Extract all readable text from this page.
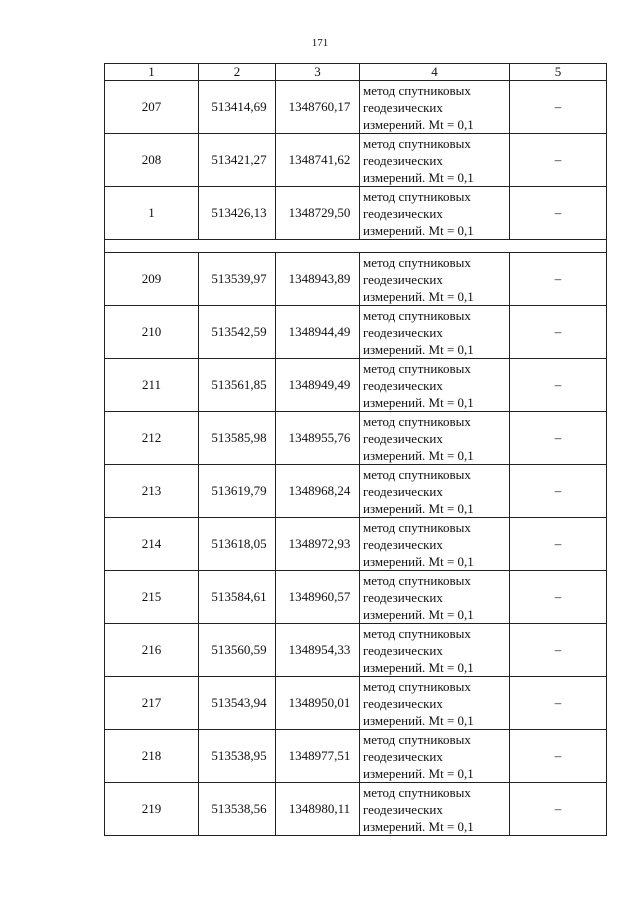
171
1	2	3	4	5
207	513414,69	1348760,17	метод спутниковых
геодезических
измерений. Mt = 0,1	–
208	513421,27	1348741,62	метод спутниковых
геодезических
измерений. Mt = 0,1	–
1	513426,13	1348729,50	метод спутниковых
геодезических
измерений. Mt = 0,1	–

209	513539,97	1348943,89	метод спутниковых
геодезических
измерений. Mt = 0,1	–
210	513542,59	1348944,49	метод спутниковых
геодезических
измерений. Mt = 0,1	–
211	513561,85	1348949,49	метод спутниковых
геодезических
измерений. Mt = 0,1	–
212	513585,98	1348955,76	метод спутниковых
геодезических
измерений. Mt = 0,1	–
213	513619,79	1348968,24	метод спутниковых
геодезических
измерений. Mt = 0,1	–
214	513618,05	1348972,93	метод спутниковых
геодезических
измерений. Mt = 0,1	–
215	513584,61	1348960,57	метод спутниковых
геодезических
измерений. Mt = 0,1	–
216	513560,59	1348954,33	метод спутниковых
геодезических
измерений. Mt = 0,1	–
217	513543,94	1348950,01	метод спутниковых
геодезических
измерений. Mt = 0,1	–
218	513538,95	1348977,51	метод спутниковых
геодезических
измерений. Mt = 0,1	–
219	513538,56	1348980,11	метод спутниковых
геодезических
измерений. Mt = 0,1	–
